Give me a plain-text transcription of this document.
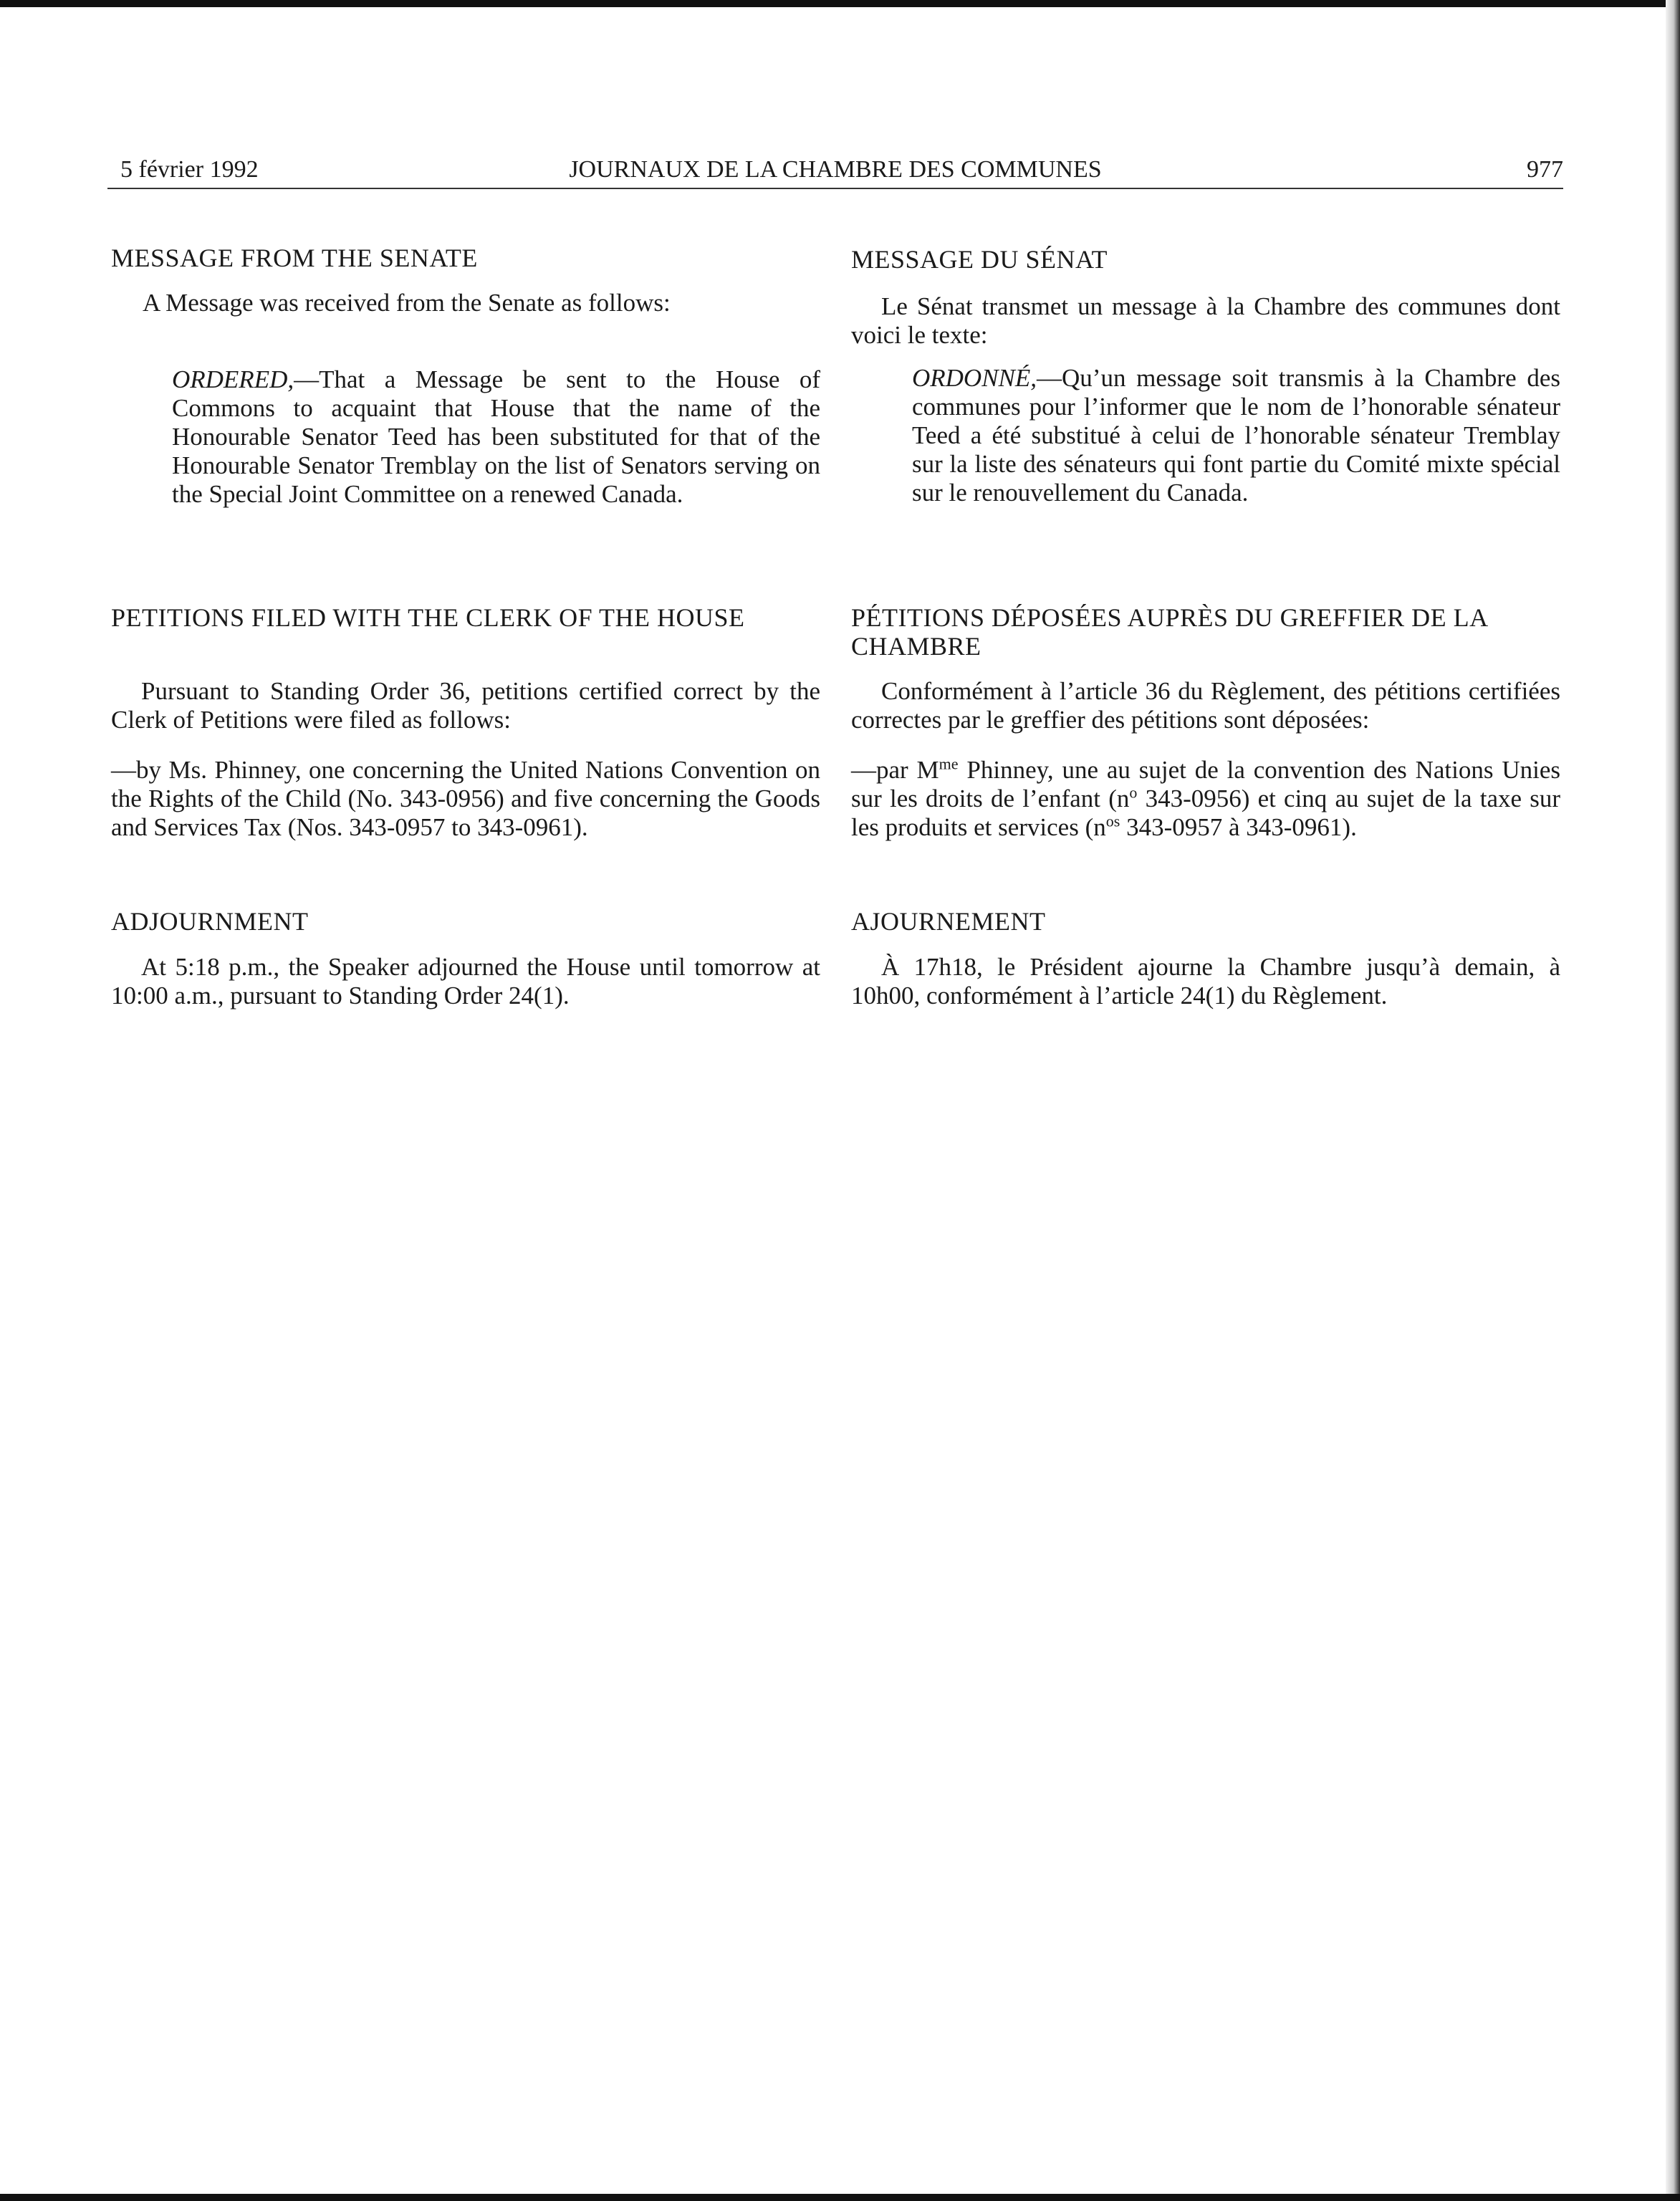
5 février 1992	JOURNAUX DE LA CHAMBRE DES COMMUNES	977
MESSAGE FROM THE SENATE

A Message was received from the Senate as follows:

ORDERED,—That a Message be sent to the House of Commons to acquaint that House that the name of the Honourable Senator Teed has been substituted for that of the Honourable Senator Tremblay on the list of Senators serving on the Special Joint Committee on a renewed Canada.

PETITIONS FILED WITH THE CLERK OF THE HOUSE

Pursuant to Standing Order 36, petitions certified correct by the Clerk of Petitions were filed as follows:

—by Ms. Phinney, one concerning the United Nations Convention on the Rights of the Child (No. 343-0956) and five concerning the Goods and Services Tax (Nos. 343-0957 to 343-0961).

ADJOURNMENT

At 5:18 p.m., the Speaker adjourned the House until tomorrow at 10:00 a.m., pursuant to Standing Order 24(1).

MESSAGE DU SÉNAT

Le Sénat transmet un message à la Chambre des communes dont voici le texte:

ORDONNÉ,—Qu’un message soit transmis à la Chambre des communes pour l’informer que le nom de l’honorable sénateur Teed a été substitué à celui de l’honorable sénateur Tremblay sur la liste des sénateurs qui font partie du Comité mixte spécial sur le renouvellement du Canada.

PÉTITIONS DÉPOSÉES AUPRÈS DU GREFFIER DE LA CHAMBRE

Conformément à l’article 36 du Règlement, des pétitions certifiées correctes par le greffier des pétitions sont déposées:

—par $M^{me}$ Phinney, une au sujet de la convention des Nations Unies sur les droits de l’enfant ($n^o$ 343-0956) et cinq au sujet de la taxe sur les produits et services ($n^{os}$ 343-0957 à 343-0961).

AJOURNEMENT

À 17h18, le Président ajourne la Chambre jusqu’à demain, à 10h00, conformément à l’article 24(1) du Règlement.
